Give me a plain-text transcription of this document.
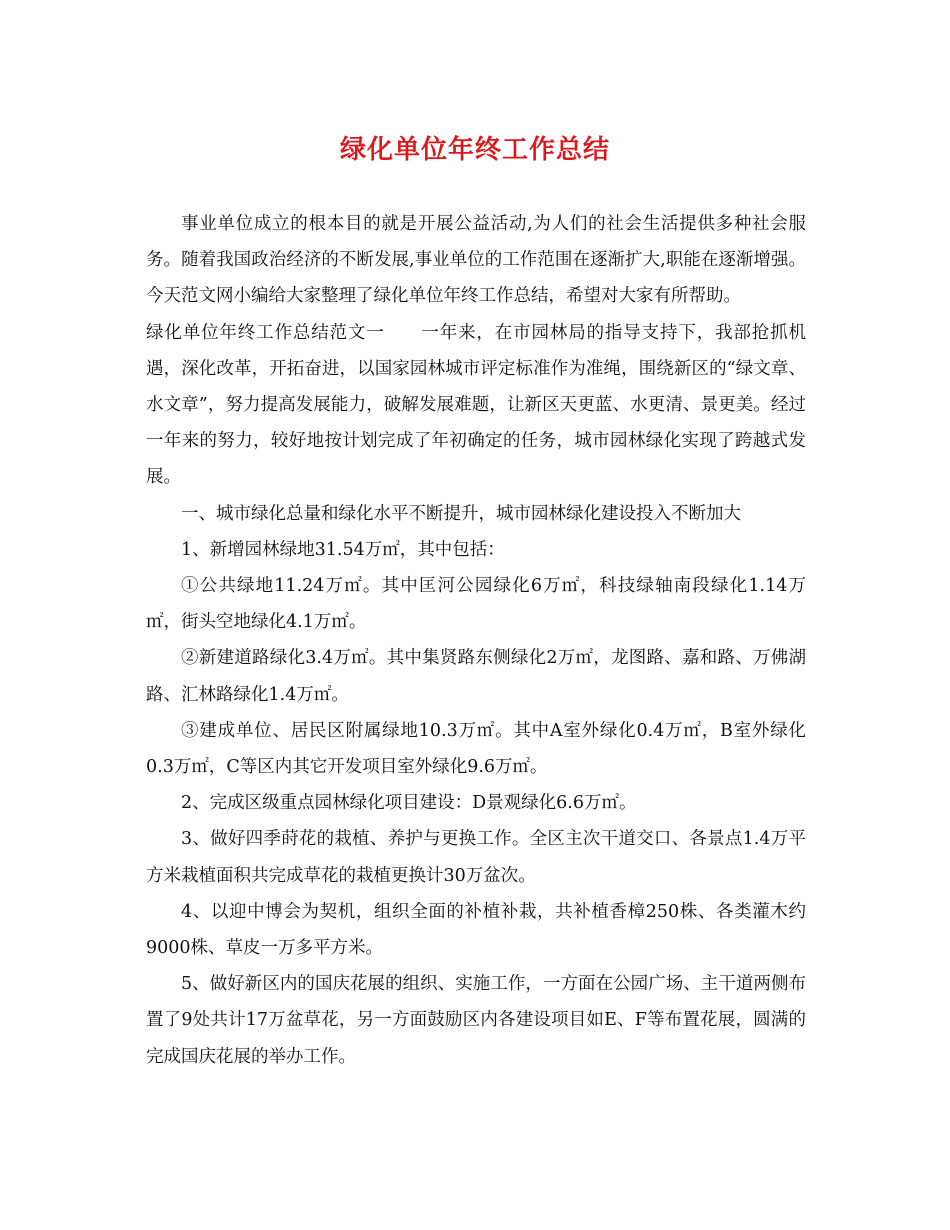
绿化单位年终工作总结

事业单位成立的根本目的就是开展公益活动,为人们的社会生活提供多种社会服务。随着我国政治经济的不断发展,事业单位的工作范围在逐渐扩大,职能在逐渐增强。今天范文网小编给大家整理了绿化单位年终工作总结，希望对大家有所帮助。

绿化单位年终工作总结范文一　　一年来，在市园林局的指导支持下，我部抢抓机遇，深化改革，开拓奋进，以国家园林城市评定标准作为准绳，围绕新区的“绿文章、水文章”，努力提高发展能力，破解发展难题，让新区天更蓝、水更清、景更美。经过一年来的努力，较好地按计划完成了年初确定的任务，城市园林绿化实现了跨越式发展。

一、城市绿化总量和绿化水平不断提升，城市园林绿化建设投入不断加大

1、新增园林绿地31.54万㎡，其中包括：

①公共绿地11.24万㎡。其中匡河公园绿化6万㎡，科技绿轴南段绿化1.14万㎡，街头空地绿化4.1万㎡。

②新建道路绿化3.4万㎡。其中集贤路东侧绿化2万㎡，龙图路、嘉和路、万佛湖路、汇林路绿化1.4万㎡。

③建成单位、居民区附属绿地10.3万㎡。其中A室外绿化0.4万㎡，B室外绿化0.3万㎡，C等区内其它开发项目室外绿化9.6万㎡。

2、完成区级重点园林绿化项目建设：D景观绿化6.6万㎡。

3、做好四季莳花的栽植、养护与更换工作。全区主次干道交口、各景点1.4万平方米栽植面积共完成草花的栽植更换计30万盆次。

4、以迎中博会为契机，组织全面的补植补栽，共补植香樟250株、各类灌木约9000株、草皮一万多平方米。

5、做好新区内的国庆花展的组织、实施工作，一方面在公园广场、主干道两侧布置了9处共计17万盆草花，另一方面鼓励区内各建设项目如E、F等布置花展，圆满的完成国庆花展的举办工作。
